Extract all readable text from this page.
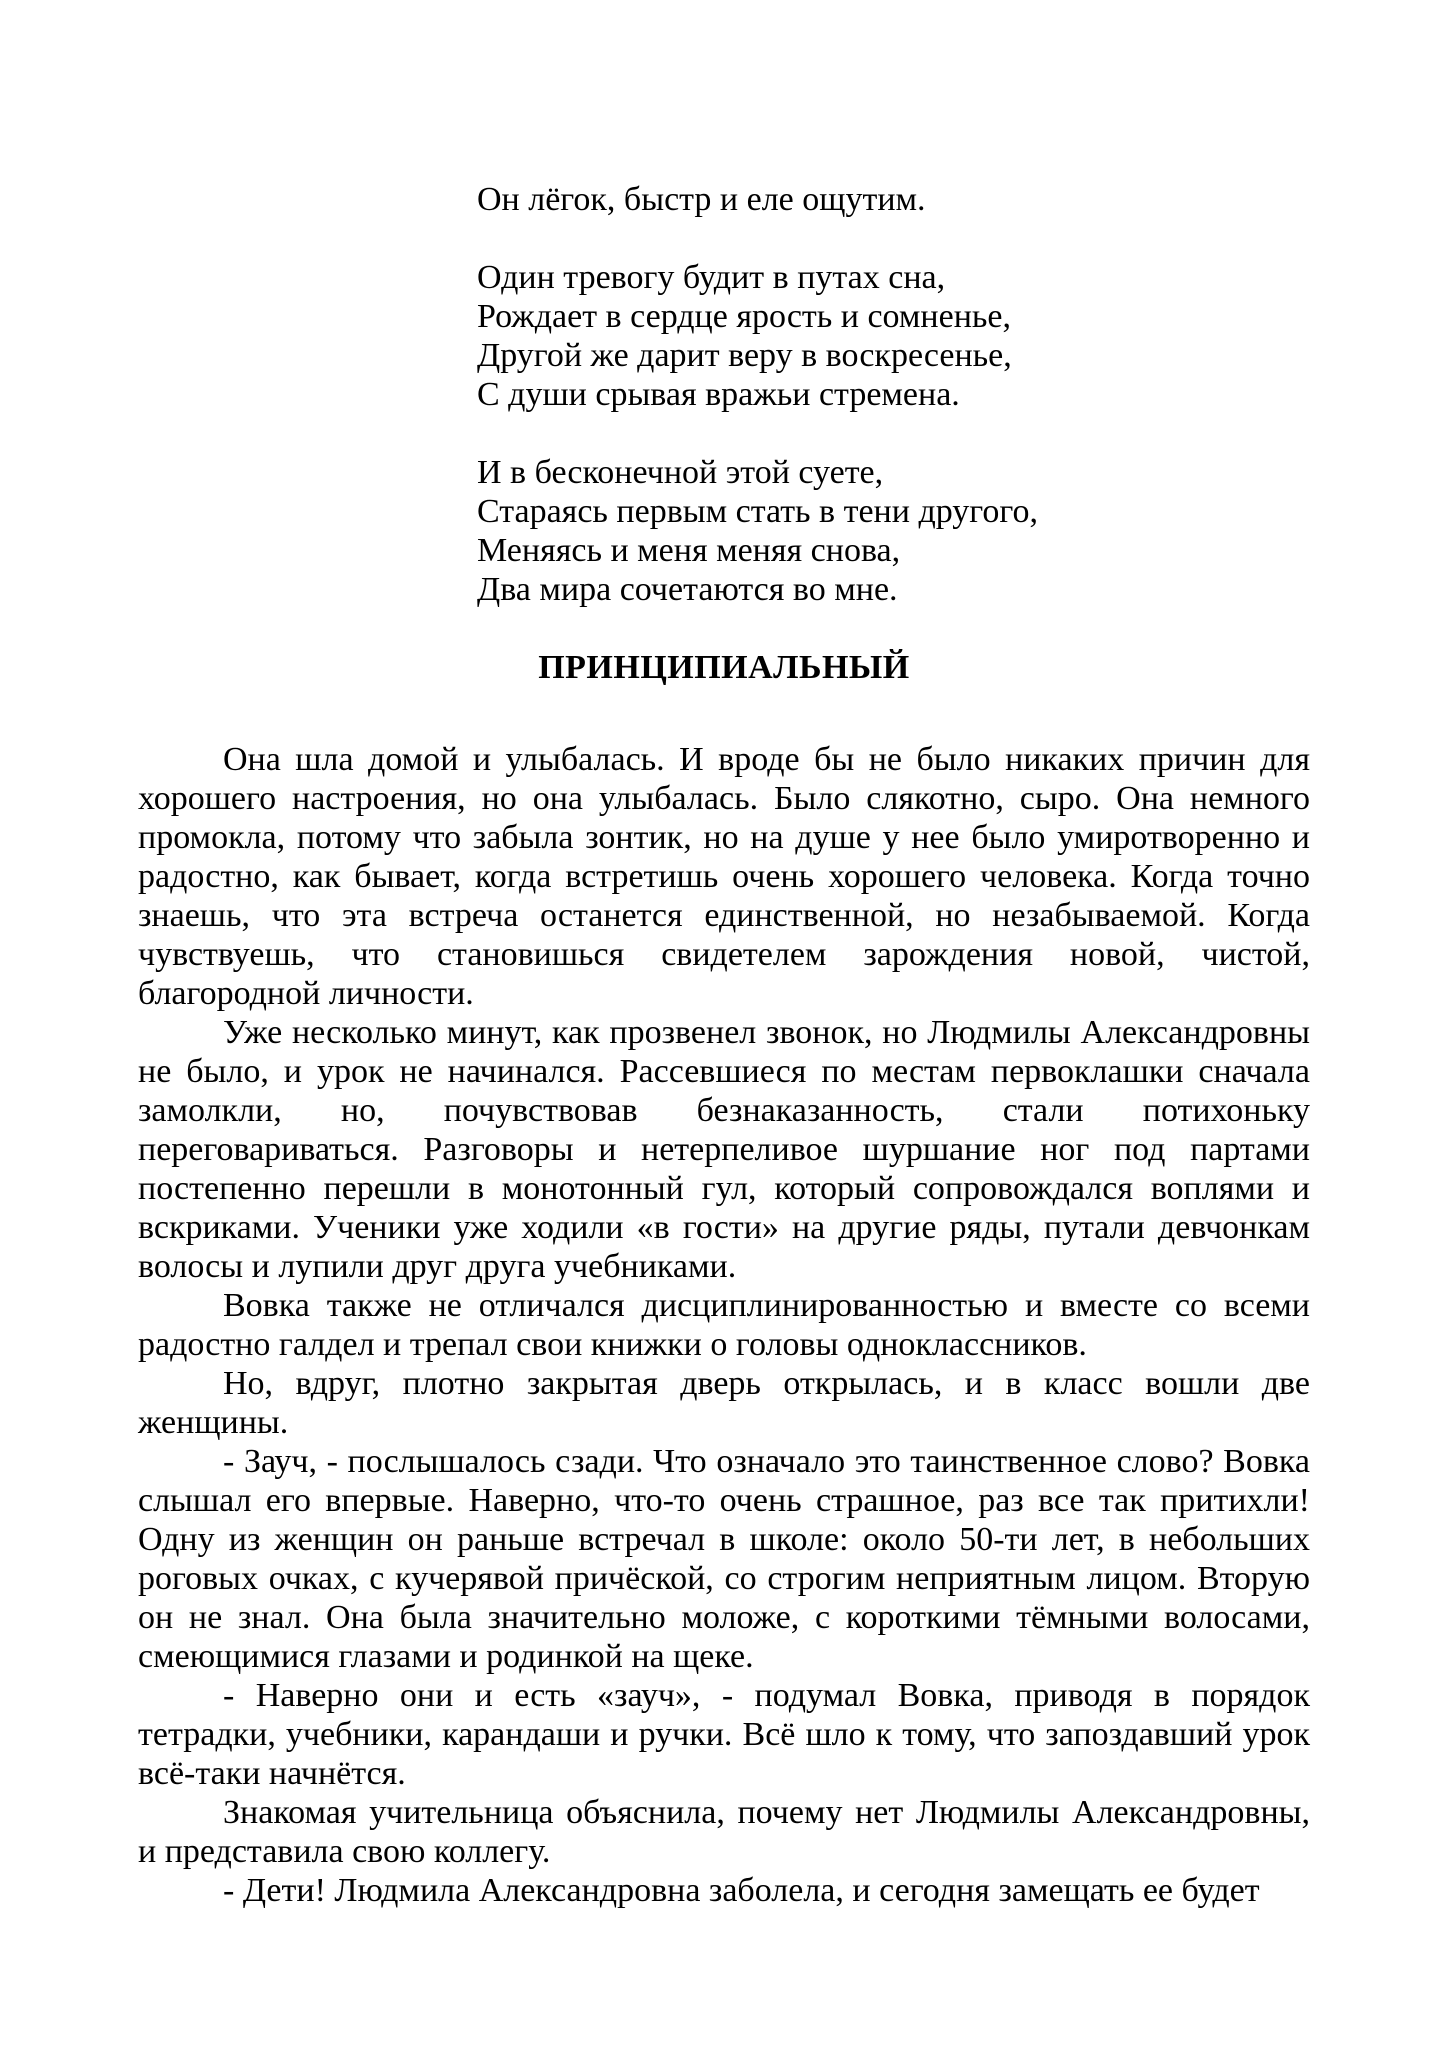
Он лёгок, быстр и еле ощутим.
Один тревогу будит в путах сна,
Рождает в сердце ярость и сомненье,
Другой же дарит веру в воскресенье,
С души срывая вражьи стремена.
И в бесконечной этой суете,
Стараясь первым стать в тени другого,
Меняясь и меня меняя снова,
Два мира сочетаются во мне.
ПРИНЦИПИАЛЬНЫЙ

Она шла домой и улыбалась. И вроде бы не было никаких причин для хорошего настроения, но она улыбалась. Было слякотно, сыро. Она немного промокла, потому что забыла зонтик, но на душе у нее было умиротворенно и радостно, как бывает, когда встретишь очень хорошего человека. Когда точно знаешь, что эта встреча останется единственной, но незабываемой. Когда чувствуешь, что становишься свидетелем зарождения новой, чистой, благородной личности.

Уже несколько минут, как прозвенел звонок, но Людмилы Александровны не было, и урок не начинался. Рассевшиеся по местам первоклашки сначала замолкли, но, почувствовав безнаказанность, стали потихоньку переговариваться. Разговоры и нетерпеливое шуршание ног под партами постепенно перешли в монотонный гул, который сопровождался воплями и вскриками. Ученики уже ходили «в гости» на другие ряды, путали девчонкам волосы и лупили друг друга учебниками.

Вовка также не отличался дисциплинированностью и вместе со всеми радостно галдел и трепал свои книжки о головы одноклассников.

Но, вдруг, плотно закрытая дверь открылась, и в класс вошли две женщины.

- Зауч, - послышалось сзади. Что означало это таинственное слово? Вовка слышал его впервые. Наверно, что-то очень страшное, раз все так притихли! Одну из женщин он раньше встречал в школе: около 50-ти лет, в небольших роговых очках, с кучерявой причёской, со строгим неприятным лицом. Вторую он не знал. Она была значительно моложе, с короткими тёмными волосами, смеющимися глазами и родинкой на щеке.

- Наверно они и есть «зауч», - подумал Вовка, приводя в порядок тетрадки, учебники, карандаши и ручки. Всё шло к тому, что запоздавший урок всё-таки начнётся.

Знакомая учительница объяснила, почему нет Людмилы Александровны, и представила свою коллегу.

- Дети! Людмила Александровна заболела, и сегодня замещать ее будет
